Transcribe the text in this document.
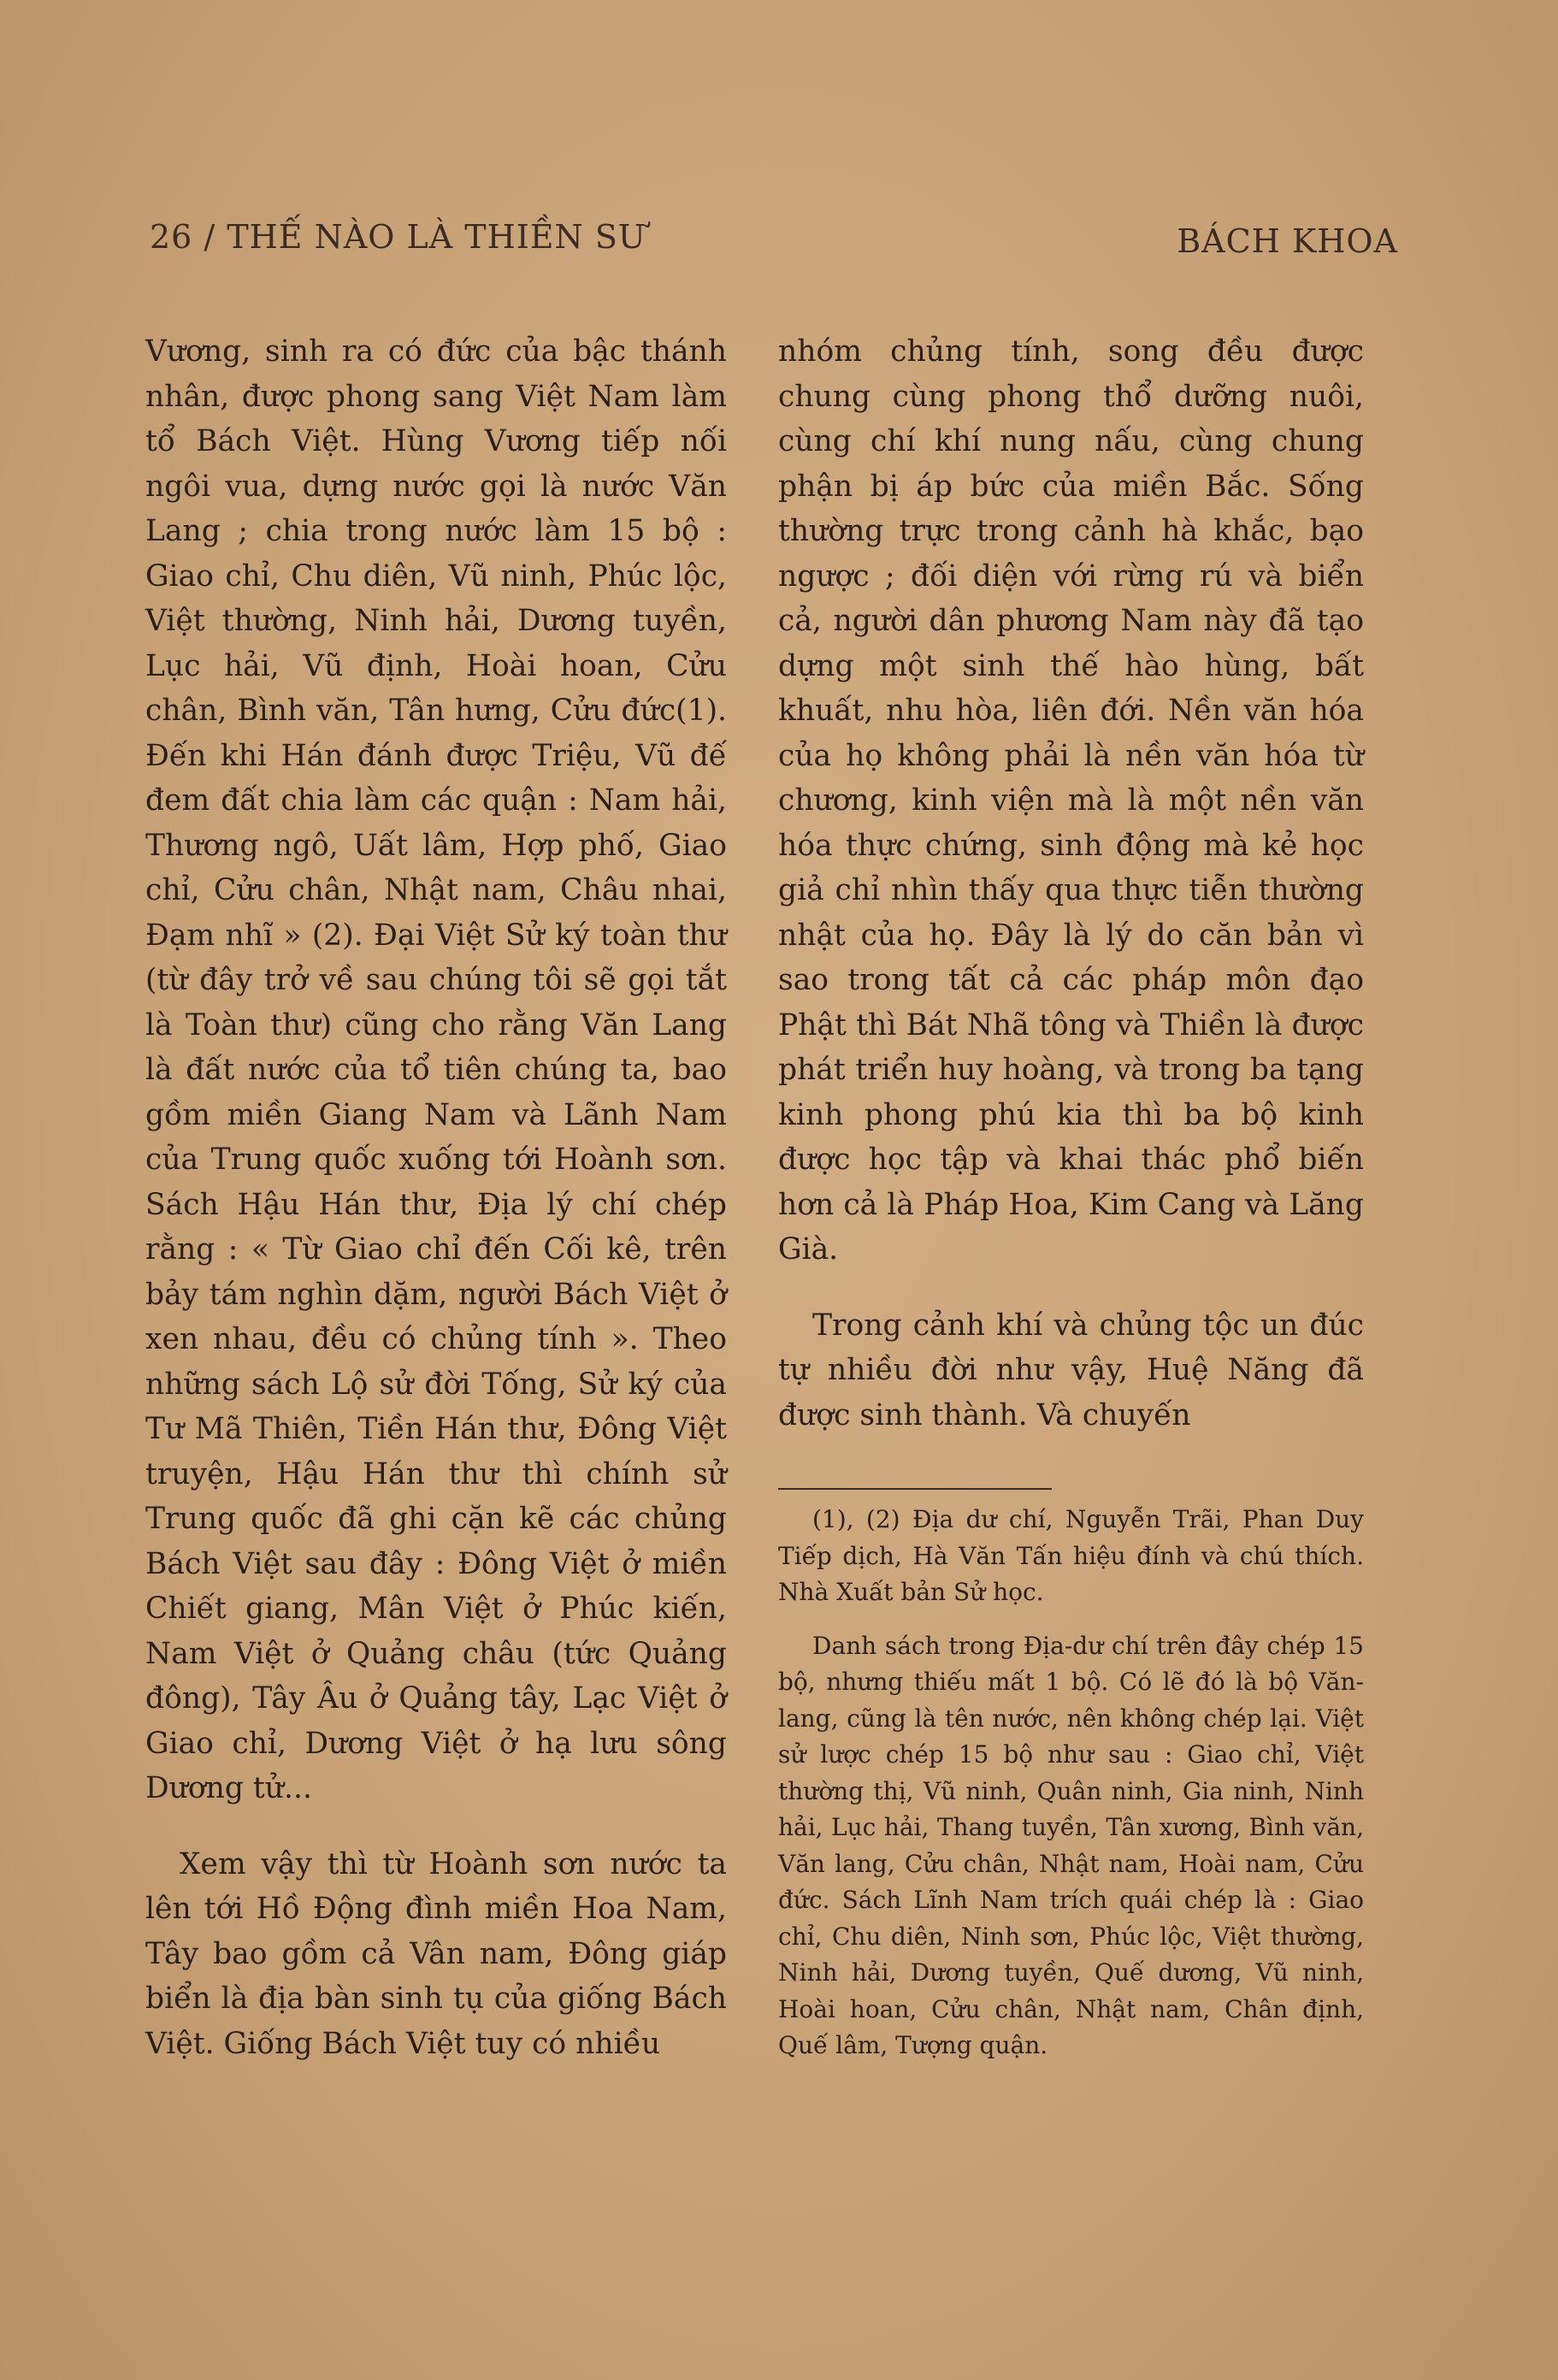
26 / THẾ NÀO LÀ THIỀN SƯ	BÁCH KHOA

Vương, sinh ra có đức của bậc thánh nhân, được phong sang Việt Nam làm tổ Bách Việt. Hùng Vương tiếp nối ngôi vua, dựng nước gọi là nước Văn Lang ; chia trong nước làm 15 bộ : Giao chỉ, Chu diên, Vũ ninh, Phúc lộc, Việt thường, Ninh hải, Dương tuyền, Lục hải, Vũ định, Hoài hoan, Cửu chân, Bình văn, Tân hưng, Cửu đức(1). Đến khi Hán đánh được Triệu, Vũ đế đem đất chia làm các quận : Nam hải, Thương ngô, Uất lâm, Hợp phố, Giao chỉ, Cửu chân, Nhật nam, Châu nhai, Đạm nhĩ » (2). Đại Việt Sử ký toàn thư (từ đây trở về sau chúng tôi sẽ gọi tắt là Toàn thư) cũng cho rằng Văn Lang là đất nước của tổ tiên chúng ta, bao gồm miền Giang Nam và Lãnh Nam của Trung quốc xuống tới Hoành sơn. Sách Hậu Hán thư, Địa lý chí chép rằng : « Từ Giao chỉ đến Cối kê, trên bảy tám nghìn dặm, người Bách Việt ở xen nhau, đều có chủng tính ». Theo những sách Lộ sử đời Tống, Sử ký của Tư Mã Thiên, Tiền Hán thư, Đông Việt truyện, Hậu Hán thư thì chính sử Trung quốc đã ghi cặn kẽ các chủng Bách Việt sau đây : Đông Việt ở miền Chiết giang, Mân Việt ở Phúc kiến, Nam Việt ở Quảng châu (tức Quảng đông), Tây Âu ở Quảng tây, Lạc Việt ở Giao chỉ, Dương Việt ở hạ lưu sông Dương tử...

Xem vậy thì từ Hoành sơn nước ta lên tới Hồ Động đình miền Hoa Nam, Tây bao gồm cả Vân nam, Đông giáp biển là địa bàn sinh tụ của giống Bách Việt. Giống Bách Việt tuy có nhiều

nhóm chủng tính, song đều được chung cùng phong thổ dưỡng nuôi, cùng chí khí nung nấu, cùng chung phận bị áp bức của miền Bắc. Sống thường trực trong cảnh hà khắc, bạo ngược ; đối diện với rừng rú và biển cả, người dân phương Nam này đã tạo dựng một sinh thế hào hùng, bất khuất, nhu hòa, liên đới. Nền văn hóa của họ không phải là nền văn hóa từ chương, kinh viện mà là một nền văn hóa thực chứng, sinh động mà kẻ học giả chỉ nhìn thấy qua thực tiễn thường nhật của họ. Đây là lý do căn bản vì sao trong tất cả các pháp môn đạo Phật thì Bát Nhã tông và Thiền là được phát triển huy hoàng, và trong ba tạng kinh phong phú kia thì ba bộ kinh được học tập và khai thác phổ biến hơn cả là Pháp Hoa, Kim Cang và Lăng Già.

Trong cảnh khí và chủng tộc un đúc tự nhiều đời như vậy, Huệ Năng đã được sinh thành. Và chuyến

(1), (2) Địa dư chí, Nguyễn Trãi, Phan Duy Tiếp dịch, Hà Văn Tấn hiệu đính và chú thích. Nhà Xuất bản Sử học.

Danh sách trong Địa-dư chí trên đây chép 15 bộ, nhưng thiếu mất 1 bộ. Có lẽ đó là bộ Văn-lang, cũng là tên nước, nên không chép lại. Việt sử lược chép 15 bộ như sau : Giao chỉ, Việt thường thị, Vũ ninh, Quân ninh, Gia ninh, Ninh hải, Lục hải, Thang tuyền, Tân xương, Bình văn, Văn lang, Cửu chân, Nhật nam, Hoài nam, Cửu đức. Sách Lĩnh Nam trích quái chép là : Giao chỉ, Chu diên, Ninh sơn, Phúc lộc, Việt thường, Ninh hải, Dương tuyền, Quế dương, Vũ ninh, Hoài hoan, Cửu chân, Nhật nam, Chân định, Quế lâm, Tượng quận.
